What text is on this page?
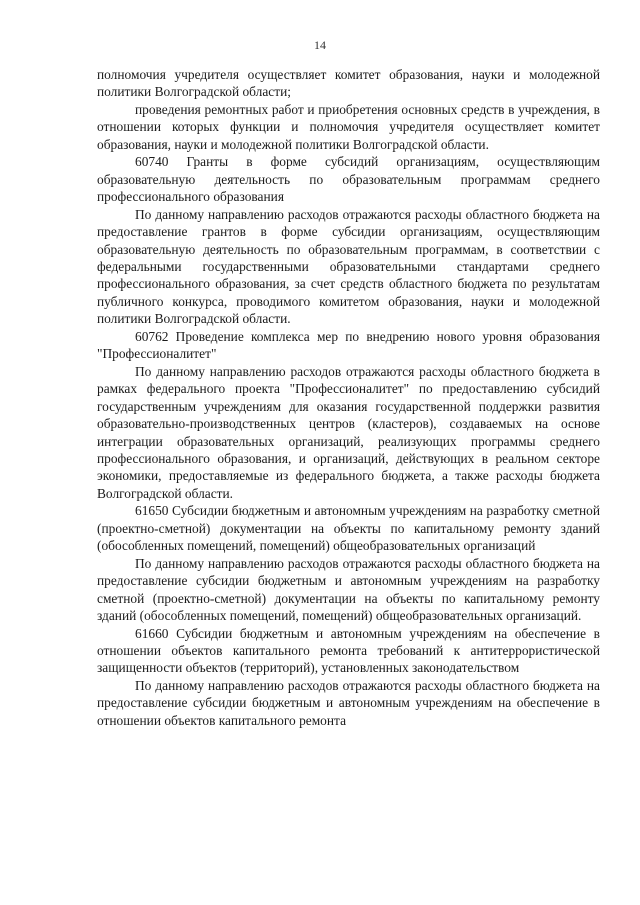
14

полномочия учредителя осуществляет комитет образования, науки и молодежной политики Волгоградской области;

проведения ремонтных работ и приобретения основных средств в учреждения, в отношении которых функции и полномочия учредителя осуществляет комитет образования, науки и молодежной политики Волгоградской области.

60740 Гранты в форме субсидий организациям, осуществляющим образовательную деятельность по образовательным программам среднего профессионального образования

По данному направлению расходов отражаются расходы областного бюджета на предоставление грантов в форме субсидии организациям, осуществляющим образовательную деятельность по образовательным программам, в соответствии с федеральными государственными образовательными стандартами среднего профессионального образования, за счет средств областного бюджета по результатам публичного конкурса, проводимого комитетом образования, науки и молодежной политики Волгоградской области.

60762 Проведение комплекса мер по внедрению нового уровня образования "Профессионалитет"

По данному направлению расходов отражаются расходы областного бюджета в рамках федерального проекта "Профессионалитет" по предоставлению субсидий государственным учреждениям для оказания государственной поддержки развития образовательно-производственных центров (кластеров), создаваемых на основе интеграции образовательных организаций, реализующих программы среднего профессионального образования, и организаций, действующих в реальном секторе экономики, предоставляемые из федерального бюджета, а также расходы бюджета Волгоградской области.

61650 Субсидии бюджетным и автономным учреждениям на разработку сметной (проектно-сметной) документации на объекты по капитальному ремонту зданий (обособленных помещений, помещений) общеобразовательных организаций

По данному направлению расходов отражаются расходы областного бюджета на предоставление субсидии бюджетным и автономным учреждениям на разработку сметной (проектно-сметной) документации на объекты по капитальному ремонту зданий (обособленных помещений, помещений) общеобразовательных организаций.

61660 Субсидии бюджетным и автономным учреждениям на обеспечение в отношении объектов капитального ремонта требований к антитеррористической защищенности объектов (территорий), установленных законодательством

По данному направлению расходов отражаются расходы областного бюджета на предоставление субсидии бюджетным и автономным учреждениям на обеспечение в отношении объектов капитального ремонта
